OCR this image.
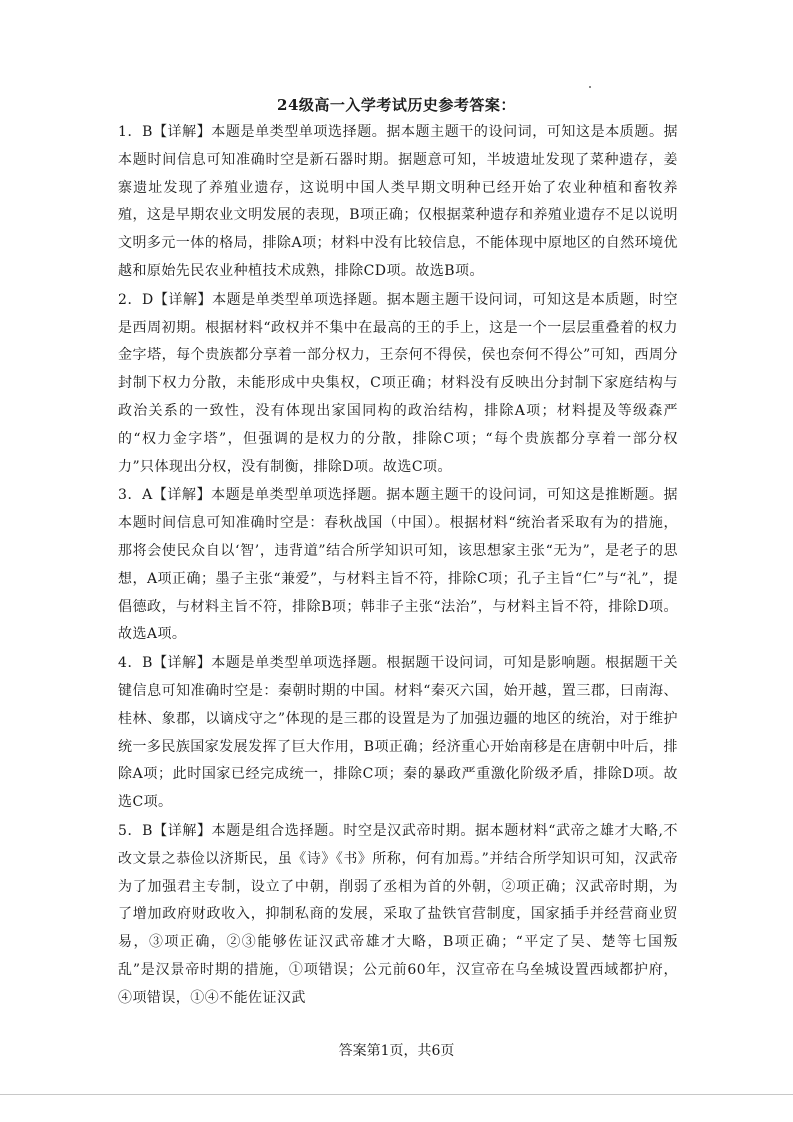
24级高一入学考试历史参考答案：

1．B【详解】本题是单类型单项选择题。据本题主题干的设问词，可知这是本质题。据本题时间信息可知准确时空是新石器时期。据题意可知，半坡遗址发现了菜种遗存，姜寨遗址发现了养殖业遗存，这说明中国人类早期文明种已经开始了农业种植和畜牧养殖，这是早期农业文明发展的表现，B项正确；仅根据菜种遗存和养殖业遗存不足以说明文明多元一体的格局，排除A项；材料中没有比较信息，不能体现中原地区的自然环境优越和原始先民农业种植技术成熟，排除CD项。故选B项。

2．D【详解】本题是单类型单项选择题。据本题主题干设问词，可知这是本质题，时空是西周初期。根据材料“政权并不集中在最高的王的手上，这是一个一层层重叠着的权力金字塔，每个贵族都分享着一部分权力，王奈何不得侯，侯也奈何不得公”可知，西周分封制下权力分散，未能形成中央集权，C项正确；材料没有反映出分封制下家庭结构与政治关系的一致性，没有体现出家国同构的政治结构，排除A项；材料提及等级森严的“权力金字塔”，但强调的是权力的分散，排除C项；“每个贵族都分享着一部分权力”只体现出分权，没有制衡，排除D项。故选C项。

3．A【详解】本题是单类型单项选择题。据本题主题干的设问词，可知这是推断题。据本题时间信息可知准确时空是：春秋战国（中国）。根据材料“统治者采取有为的措施，那将会使民众自以‘智’，违背道”结合所学知识可知，该思想家主张“无为”，是老子的思想，A项正确；墨子主张“兼爱”，与材料主旨不符，排除C项；孔子主旨“仁”与“礼”，提倡德政，与材料主旨不符，排除B项；韩非子主张“法治”，与材料主旨不符，排除D项。故选A项。

4．B【详解】本题是单类型单项选择题。根据题干设问词，可知是影响题。根据题干关键信息可知准确时空是：秦朝时期的中国。材料“秦灭六国，始开越，置三郡，曰南海、桂林、象郡，以谪戍守之”体现的是三郡的设置是为了加强边疆的地区的统治，对于维护统一多民族国家发展发挥了巨大作用，B项正确；经济重心开始南移是在唐朝中叶后，排除A项；此时国家已经完成统一，排除C项；秦的暴政严重激化阶级矛盾，排除D项。故选C项。

5．B【详解】本题是组合选择题。时空是汉武帝时期。据本题材料“武帝之雄才大略,不改文景之恭俭以济斯民，虽《诗》《书》所称，何有加焉。”并结合所学知识可知，汉武帝为了加强君主专制，设立了中朝，削弱了丞相为首的外朝，②项正确；汉武帝时期，为了增加政府财政收入，抑制私商的发展，采取了盐铁官营制度，国家插手并经营商业贸易，③项正确，②③能够佐证汉武帝雄才大略，B项正确；“平定了吴、楚等七国叛乱”是汉景帝时期的措施，①项错误；公元前60年，汉宣帝在乌垒城设置西域都护府，④项错误，①④不能佐证汉武

答案第1页，共6页
